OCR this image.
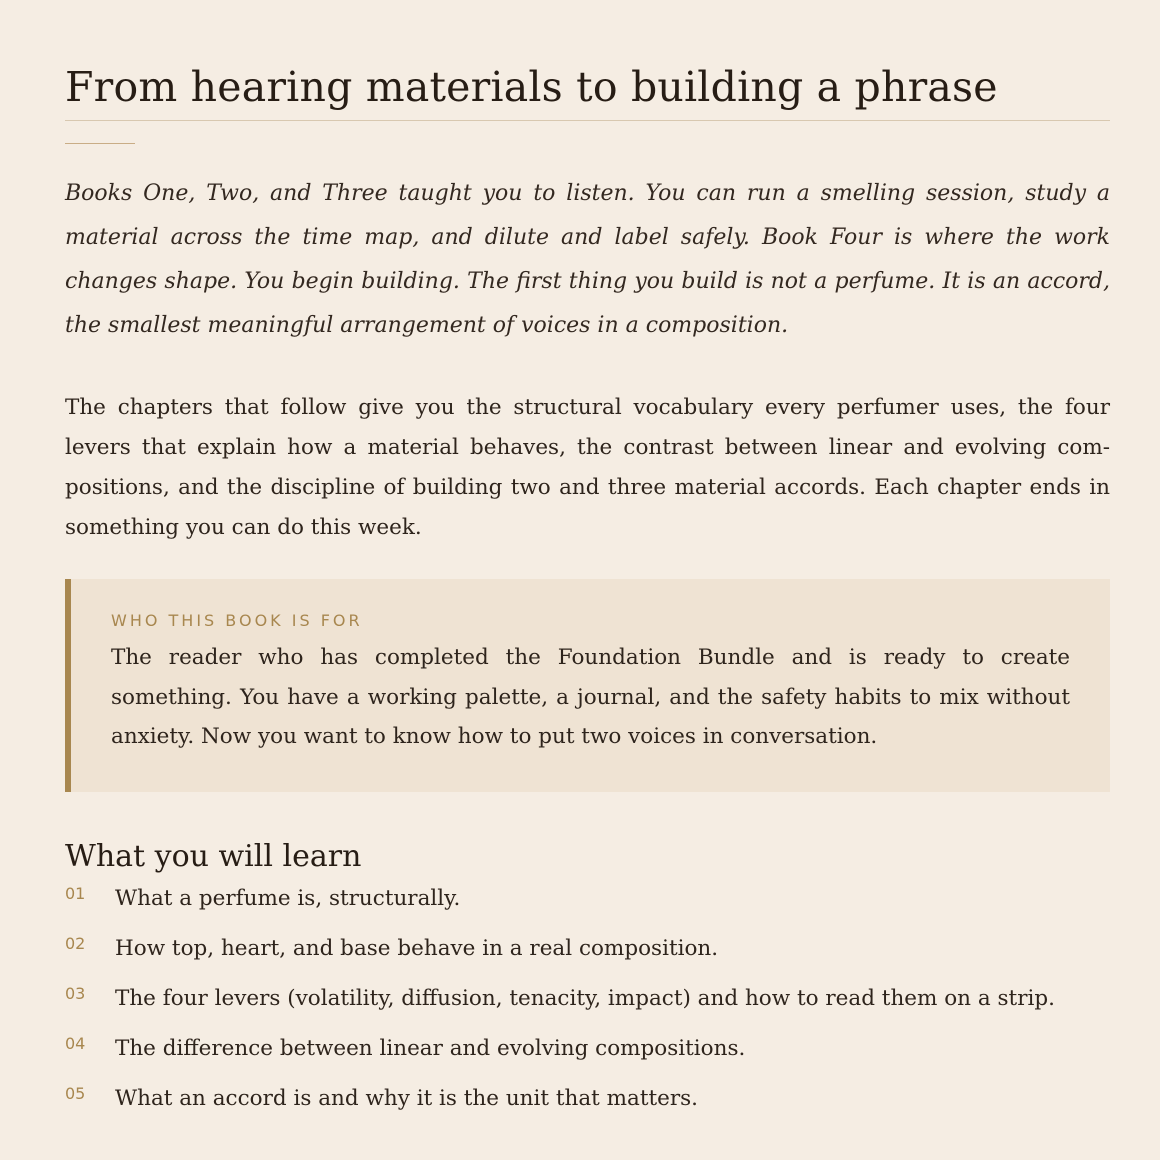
From hearing materials to building a phrase

Books One, Two, and Three taught you to listen. You can run a smelling session, study a material across the time map, and dilute and label safely. Book Four is where the work changes shape. You begin building. The first thing you build is not a perfume. It is an accord, the smallest meaningful arrangement of voices in a composition.

The chapters that follow give you the structural vocabulary every perfumer uses, the four levers that explain how a material behaves, the contrast between linear and evolving compositions, and the discipline of building two and three material accords. Each chapter ends in something you can do this week.

WHO THIS BOOK IS FOR

The reader who has completed the Foundation Bundle and is ready to create something. You have a working palette, a journal, and the safety habits to mix without anxiety. Now you want to know how to put two voices in conversation.

What you will learn
01	What a perfume is, structurally.
02	How top, heart, and base behave in a real composition.
03	The four levers (volatility, diffusion, tenacity, impact) and how to read them on a strip.
04	The difference between linear and evolving compositions.
05	What an accord is and why it is the unit that matters.
